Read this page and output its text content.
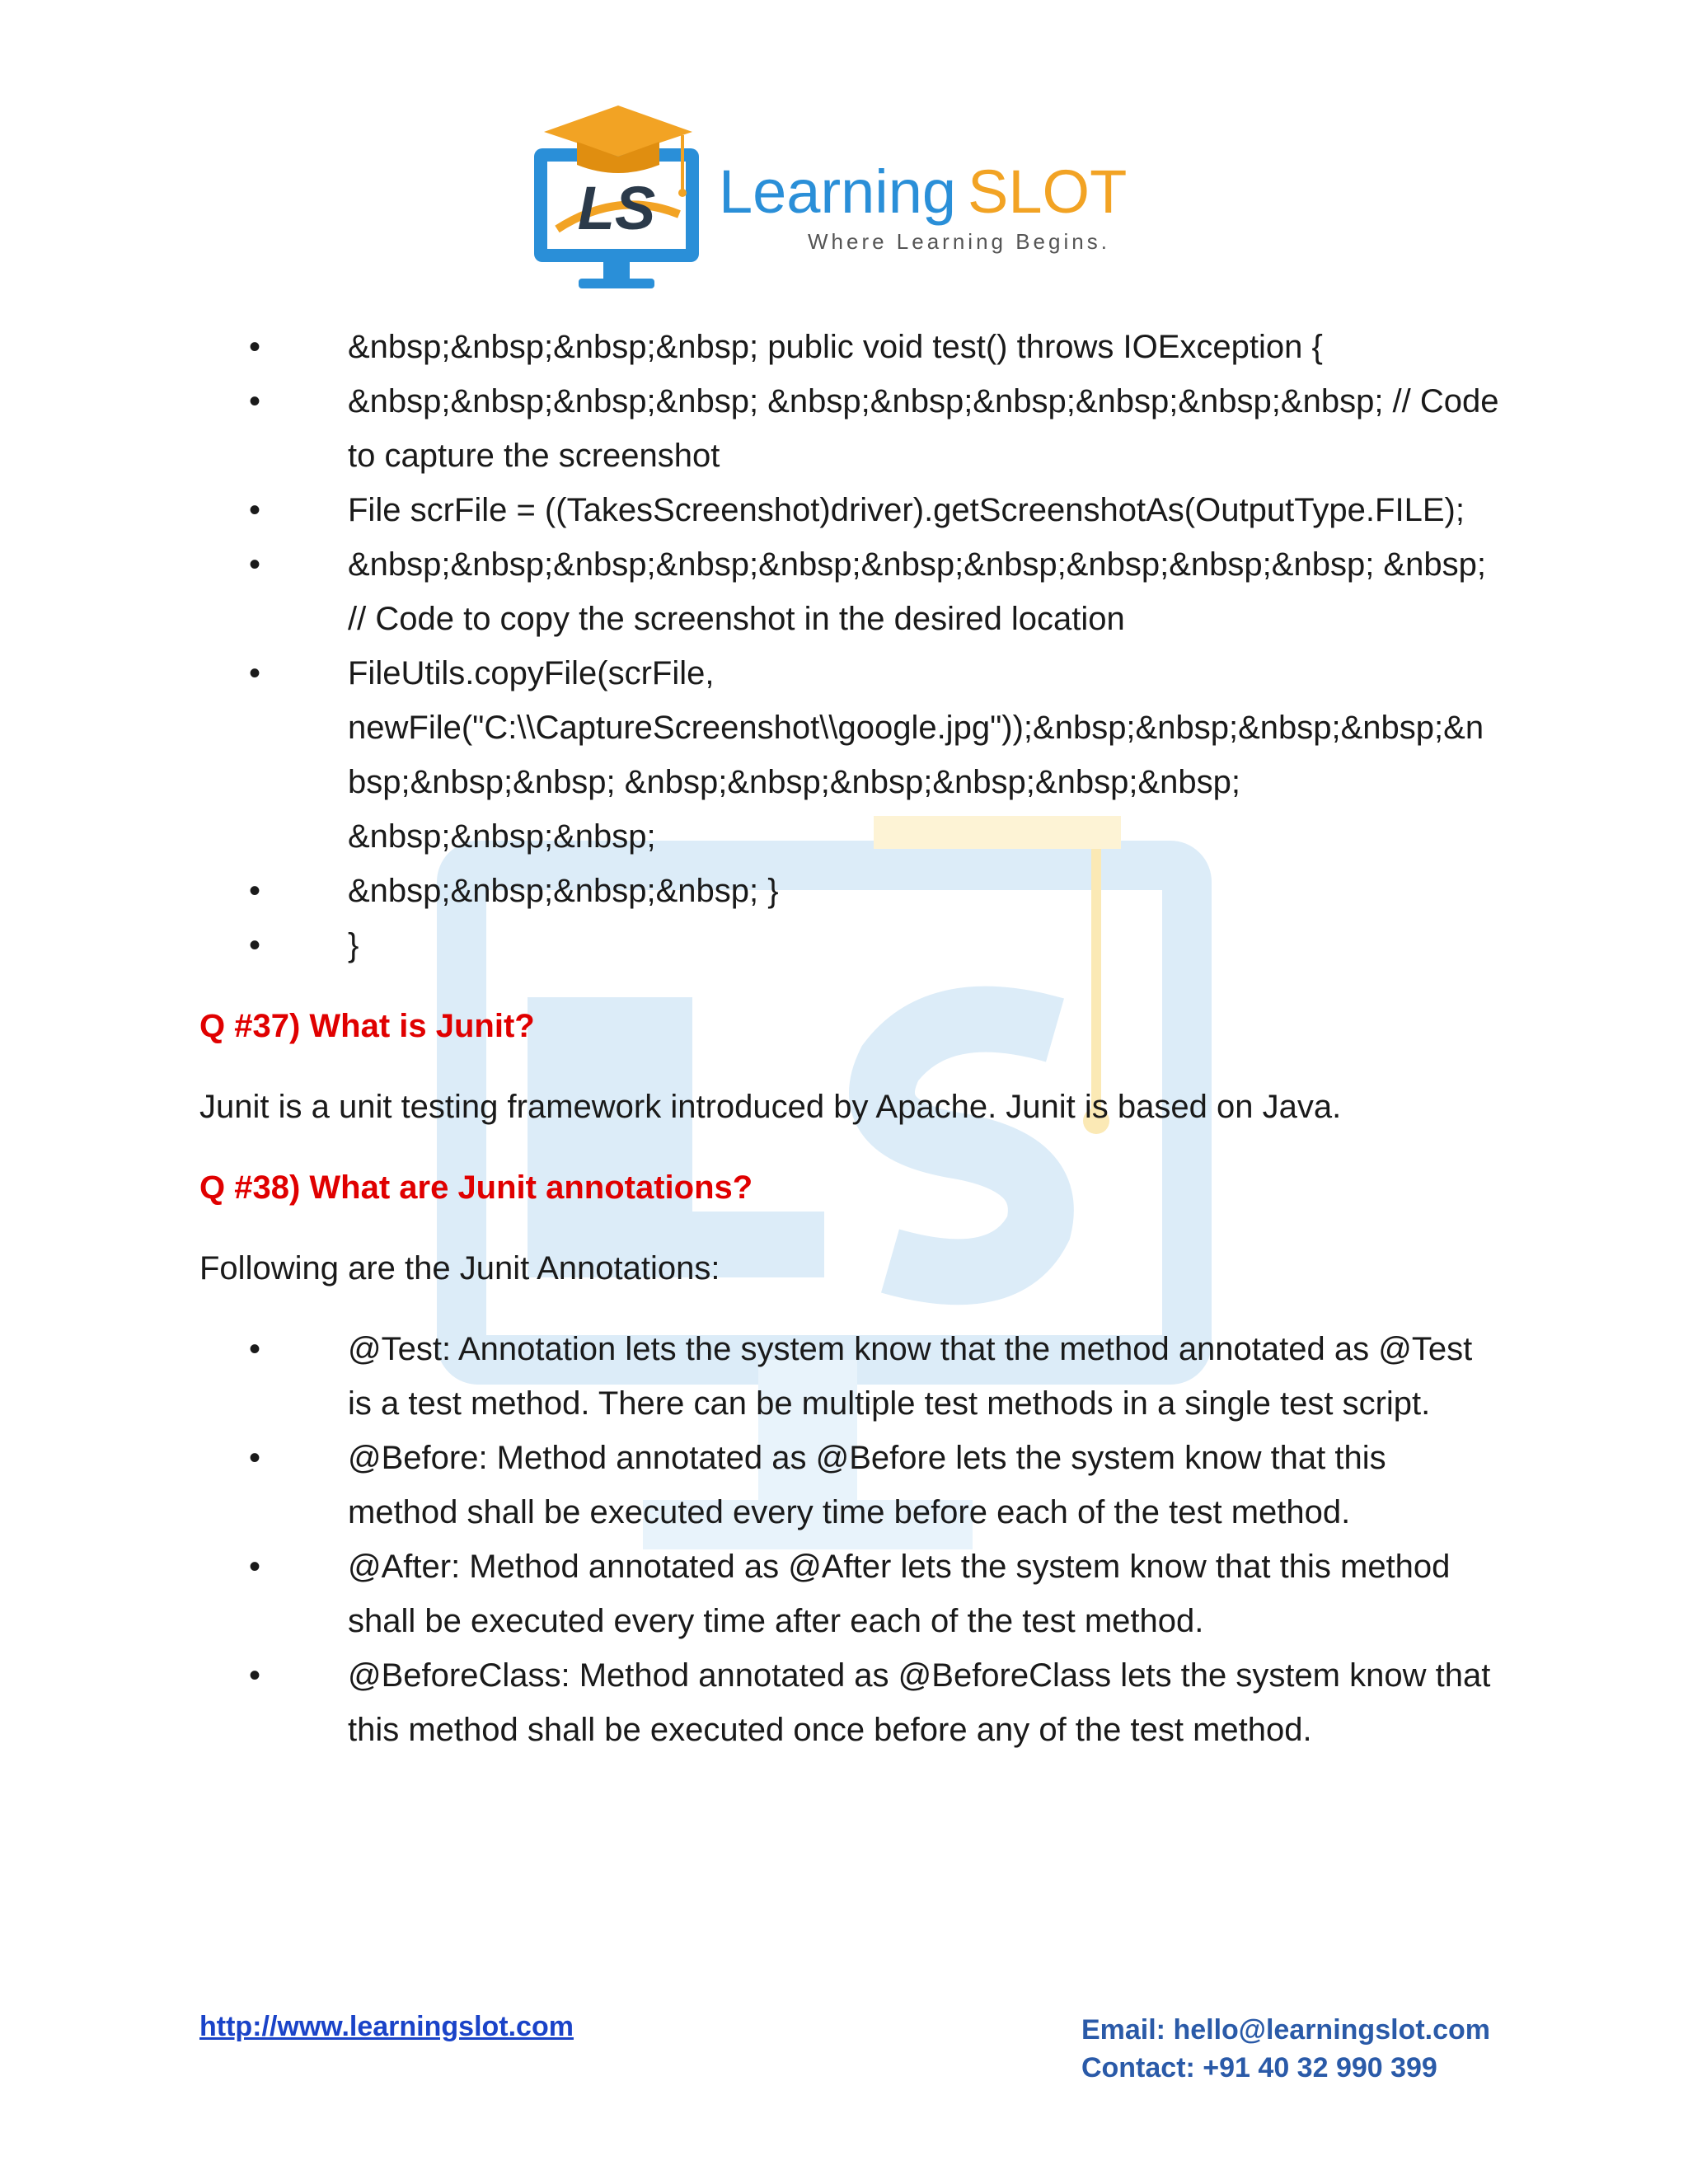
LS Learning SLOT
Where Learning Begins.
• &nbsp;&nbsp;&nbsp;&nbsp; public void test() throws IOException {
• &nbsp;&nbsp;&nbsp;&nbsp; &nbsp;&nbsp;&nbsp;&nbsp;&nbsp;&nbsp; // Code to capture the screenshot
• File scrFile = ((TakesScreenshot)driver).getScreenshotAs(OutputType.FILE);
• &nbsp;&nbsp;&nbsp;&nbsp;&nbsp;&nbsp;&nbsp;&nbsp;&nbsp;&nbsp; &nbsp; // Code to copy the screenshot in the desired location
• FileUtils.copyFile(scrFile, newFile("C:\\CaptureScreenshot\\google.jpg"));&nbsp;&nbsp;&nbsp;&nbsp;&nbsp;&nbsp;&nbsp; &nbsp;&nbsp;&nbsp;&nbsp;&nbsp;&nbsp; &nbsp;&nbsp;&nbsp;
• &nbsp;&nbsp;&nbsp;&nbsp; }
• }

Q #37) What is Junit?

Junit is a unit testing framework introduced by Apache. Junit is based on Java.

Q #38) What are Junit annotations?

Following are the Junit Annotations:

• @Test: Annotation lets the system know that the method annotated as @Test is a test method. There can be multiple test methods in a single test script.
• @Before: Method annotated as @Before lets the system know that this method shall be executed every time before each of the test method.
• @After: Method annotated as @After lets the system know that this method shall be executed every time after each of the test method.
• @BeforeClass: Method annotated as @BeforeClass lets the system know that this method shall be executed once before any of the test method.
http://www.learningslot.com	Email: hello@learningslot.com
Contact: +91 40 32 990 399
